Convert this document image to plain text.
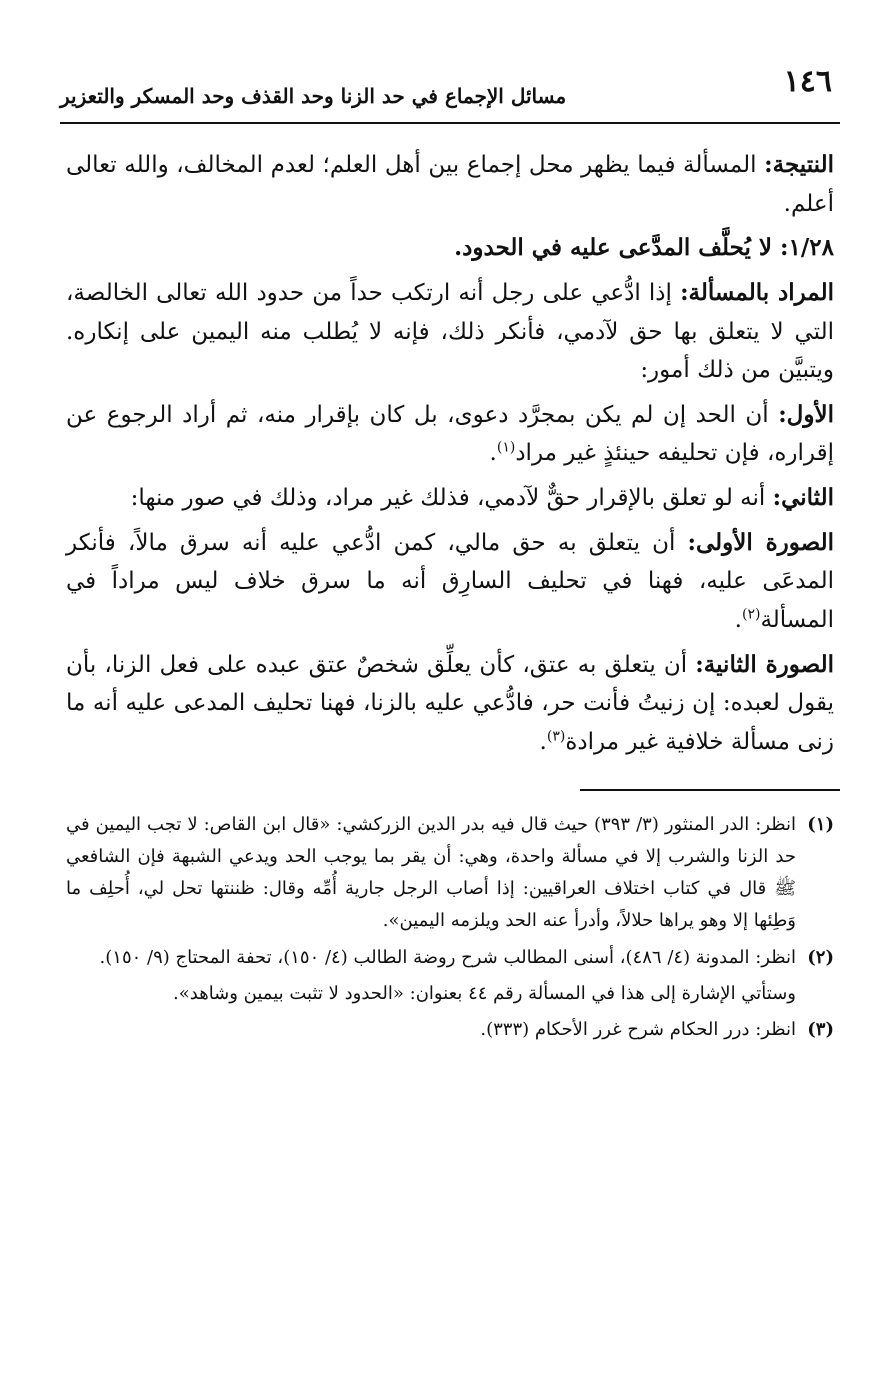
١٤٦
مسائل الإجماع في حد الزنا وحد القذف وحد المسكر والتعزير

النتيجة: المسألة فيما يظهر محل إجماع بين أهل العلم؛ لعدم المخالف، والله تعالى أعلم.

١/٢٨: لا يُحلَّف المدَّعى عليه في الحدود.

المراد بالمسألة: إذا ادُّعي على رجل أنه ارتكب حداً من حدود الله تعالى الخالصة، التي لا يتعلق بها حق لآدمي، فأنكر ذلك، فإنه لا يُطلب منه اليمين على إنكاره. ويتبيَّن من ذلك أمور:

الأول: أن الحد إن لم يكن بمجرَّد دعوى، بل كان بإقرار منه، ثم أراد الرجوع عن إقراره، فإن تحليفه حينئذٍ غير مراد$^{(١)}$.

الثاني: أنه لو تعلق بالإقرار حقٌّ لآدمي، فذلك غير مراد، وذلك في صور منها:

الصورة الأولى: أن يتعلق به حق مالي، كمن ادُّعي عليه أنه سرق مالاً، فأنكر المدعَى عليه، فهنا في تحليف السارِق أنه ما سرق خلاف ليس مراداً في المسألة$^{(٢)}$.

الصورة الثانية: أن يتعلق به عتق، كأن يعلِّق شخصٌ عتق عبده على فعل الزنا، بأن يقول لعبده: إن زنيتُ فأنت حر، فادُّعي عليه بالزنا، فهنا تحليف المدعى عليه أنه ما زنى مسألة خلافية غير مرادة$^{(٣)}$.

(١)
انظر: الدر المنثور (٣/ ٣٩٣) حيث قال فيه بدر الدين الزركشي: «قال ابن القاص: لا تجب اليمين في حد الزنا والشرب إلا في مسألة واحدة، وهي: أن يقر بما يوجب الحد ويدعي الشبهة فإن الشافعي ﷺ قال في كتاب اختلاف العراقيين: إذا أصاب الرجل جارية أُمِّه وقال: ظننتها تحل لي، أُحلِف ما وَطِئها إلا وهو يراها حلالاً، وأدرأ عنه الحد ويلزمه اليمين».
(٢)
انظر: المدونة (٤/ ٤٨٦)، أسنى المطالب شرح روضة الطالب (٤/ ١٥٠)، تحفة المحتاج (٩/ ١٥٠).
وستأتي الإشارة إلى هذا في المسألة رقم ٤٤ بعنوان: «الحدود لا تثبت بيمين وشاهد».
(٣)
انظر: درر الحكام شرح غرر الأحكام (٣٣٣).
